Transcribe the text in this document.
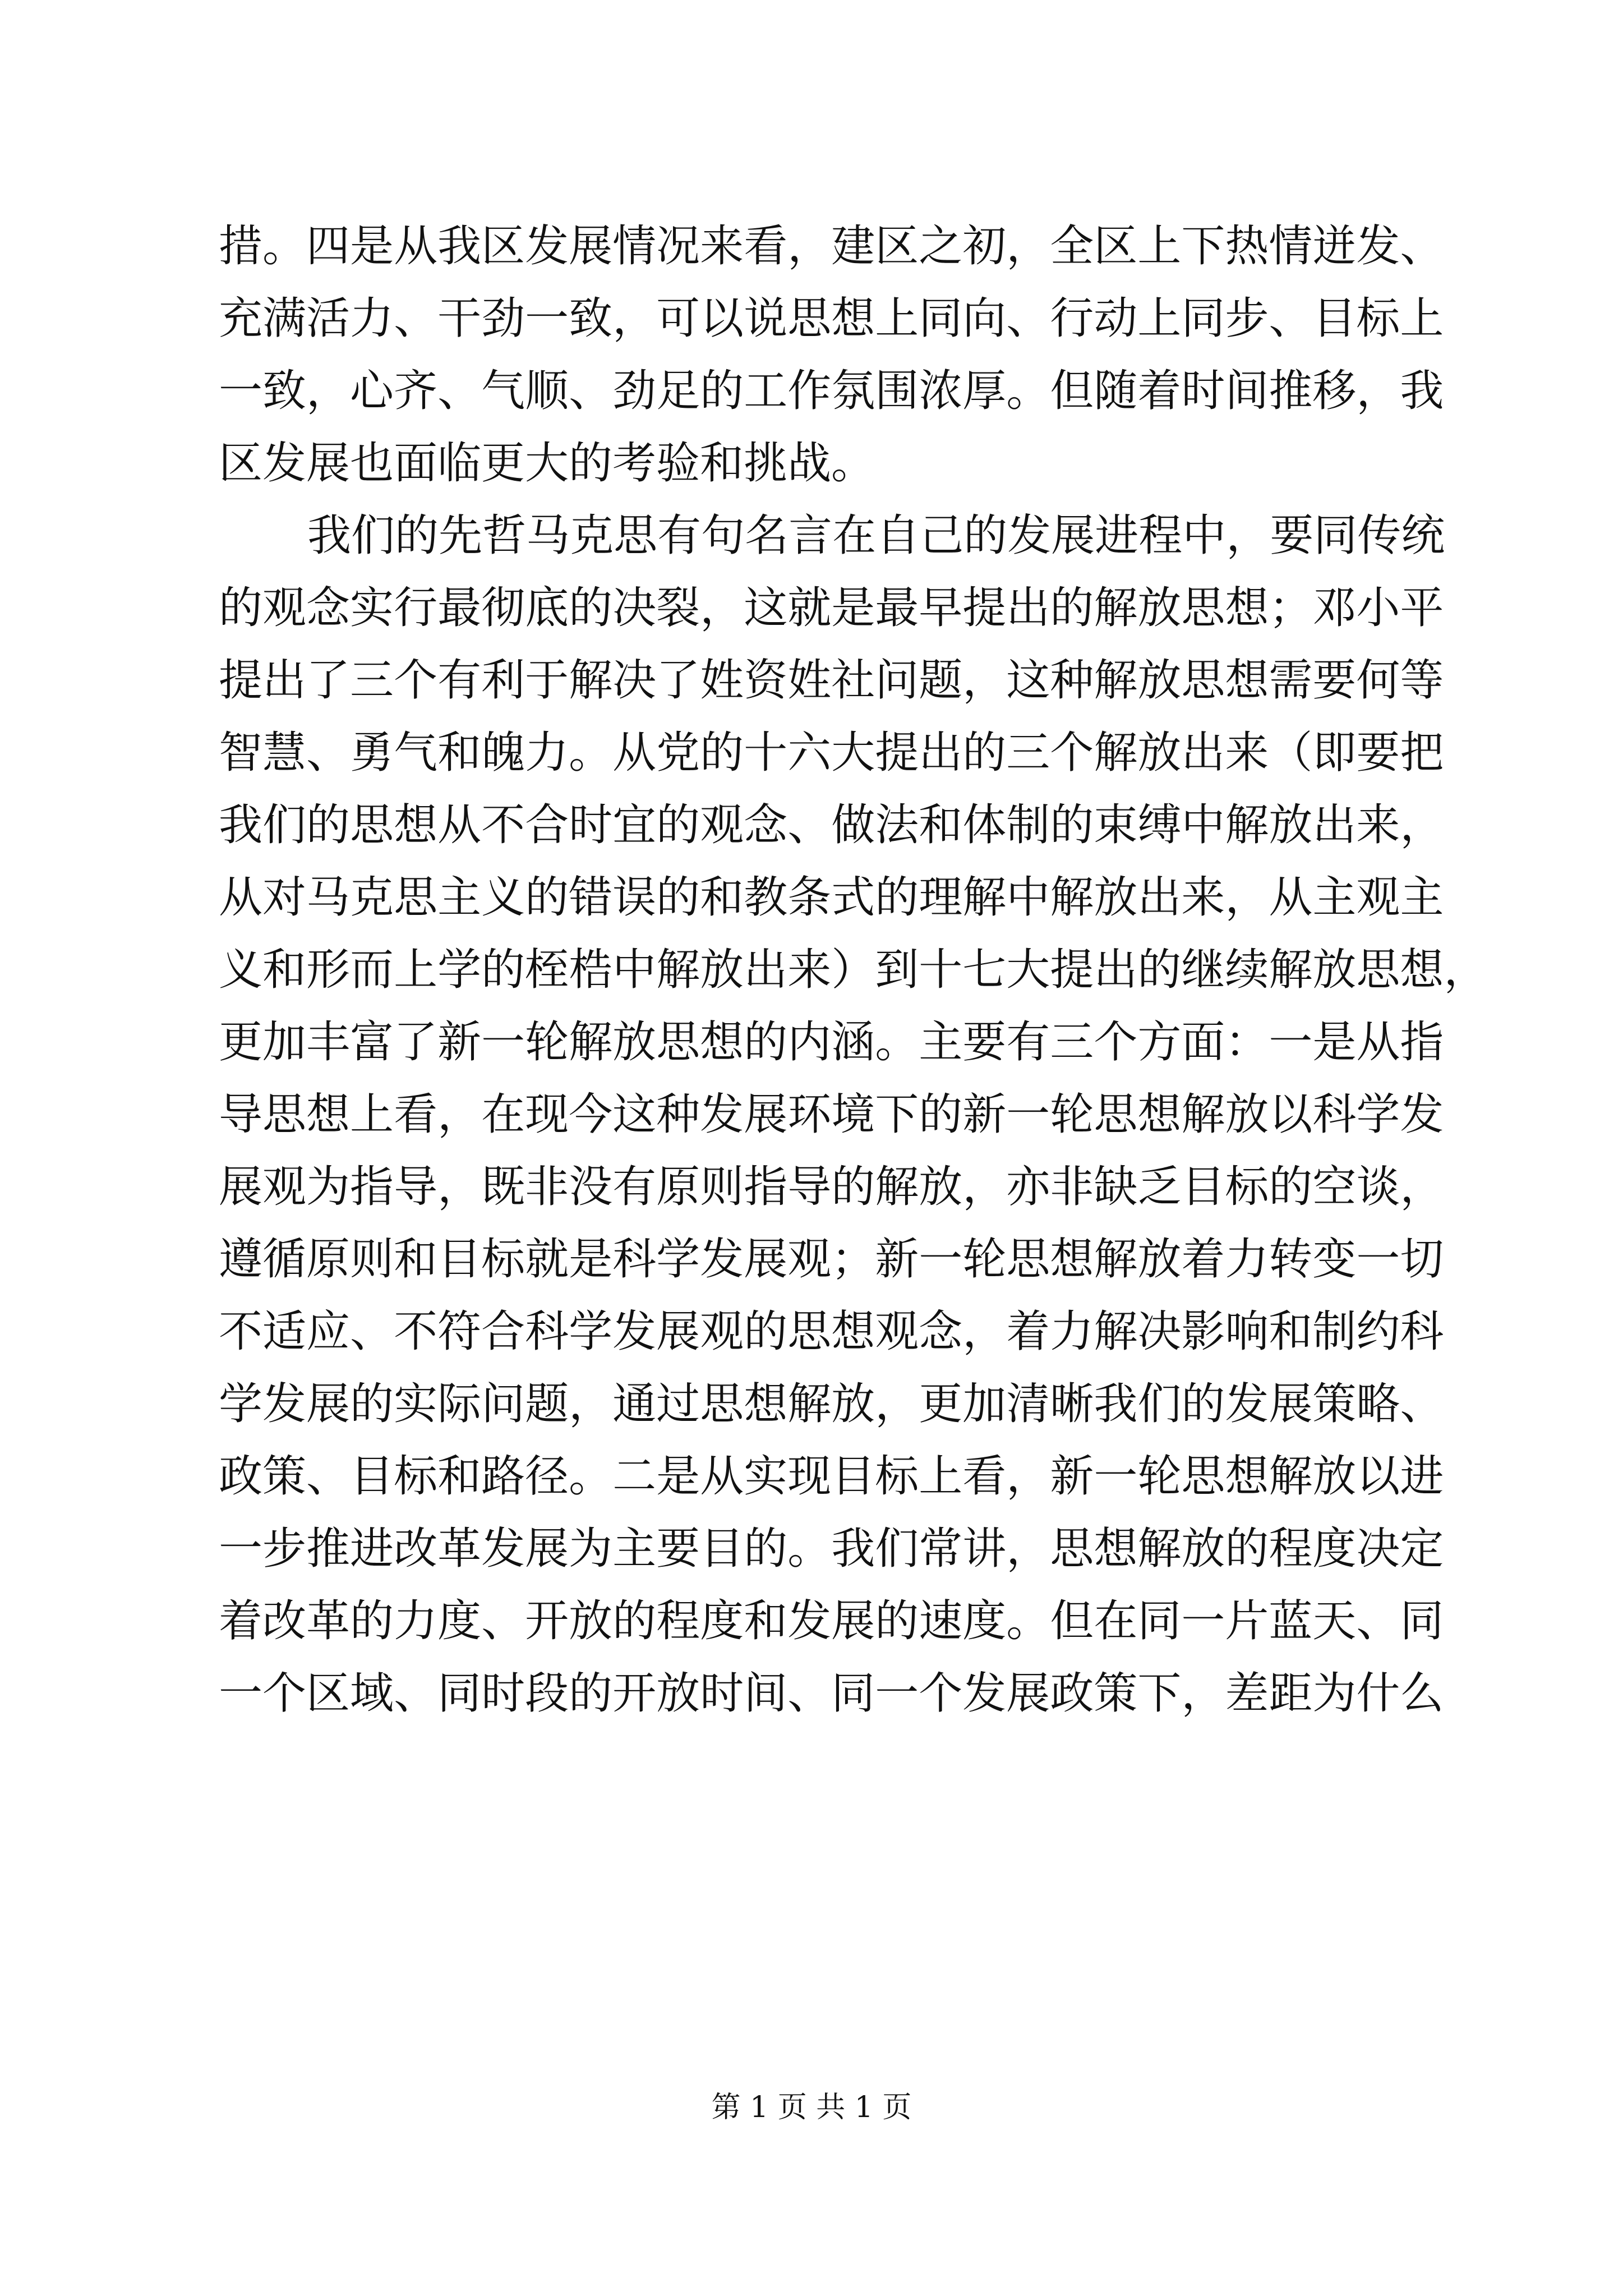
措 。 四 是 从 我 区 发 展 情 况 来 看 ， 建 区 之 初 ， 全 区 上 下 热 情 迸 发 、
充 满 活 力 、 干 劲 一 致 ， 可 以 说 思 想 上 同 向 、 行 动 上 同 步 、 目 标 上
一 致 ， 心 齐 、 气 顺 、 劲 足 的 工 作 氛 围 浓 厚 。 但 随 着 时 间 推 移 ， 我
区发展也面临更大的考验和挑战。
我 们 的 先 哲 马 克 思 有 句 名 言 在 自 己 的 发 展 进 程 中 ， 要 同 传 统
的 观 念 实 行 最 彻 底 的 决 裂 ， 这 就 是 最 早 提 出 的 解 放 思 想 ； 邓 小 平
提 出 了 三 个 有 利 于 解 决 了 姓 资 姓 社 问 题 ， 这 种 解 放 思 想 需 要 何 等
智 慧 、 勇 气 和 魄 力 。 从 党 的 十 六 大 提 出 的 三 个 解 放 出 来 （ 即 要 把
我 们 的 思 想 从 不 合 时 宜 的 观 念 、 做 法 和 体 制 的 束 缚 中 解 放 出 来 ，
从 对 马 克 思 主 义 的 错 误 的 和 教 条 式 的 理 解 中 解 放 出 来 ， 从 主 观 主
义 和 形 而 上 学 的 桎 梏 中 解 放 出 来 ） 到 十 七 大 提 出 的 继 续 解 放 思 想 ，
更 加 丰 富 了 新 一 轮 解 放 思 想 的 内 涵 。 主 要 有 三 个 方 面 ： 一 是 从 指
导 思 想 上 看 ， 在 现 今 这 种 发 展 环 境 下 的 新 一 轮 思 想 解 放 以 科 学 发
展 观 为 指 导 ， 既 非 没 有 原 则 指 导 的 解 放 ， 亦 非 缺 乏 目 标 的 空 谈 ，
遵 循 原 则 和 目 标 就 是 科 学 发 展 观 ； 新 一 轮 思 想 解 放 着 力 转 变 一 切
不 适 应 、 不 符 合 科 学 发 展 观 的 思 想 观 念 ， 着 力 解 决 影 响 和 制 约 科
学 发 展 的 实 际 问 题 ， 通 过 思 想 解 放 ， 更 加 清 晰 我 们 的 发 展 策 略 、
政 策 、 目 标 和 路 径 。 二 是 从 实 现 目 标 上 看 ， 新 一 轮 思 想 解 放 以 进
一 步 推 进 改 革 发 展 为 主 要 目 的 。 我 们 常 讲 ， 思 想 解 放 的 程 度 决 定
着 改 革 的 力 度 、 开 放 的 程 度 和 发 展 的 速 度 。 但 在 同 一 片 蓝 天 、 同
一 个 区 域 、 同 时 段 的 开 放 时 间 、 同 一 个 发 展 政 策 下 ， 差 距 为 什 么
第 1 页 共 1 页
